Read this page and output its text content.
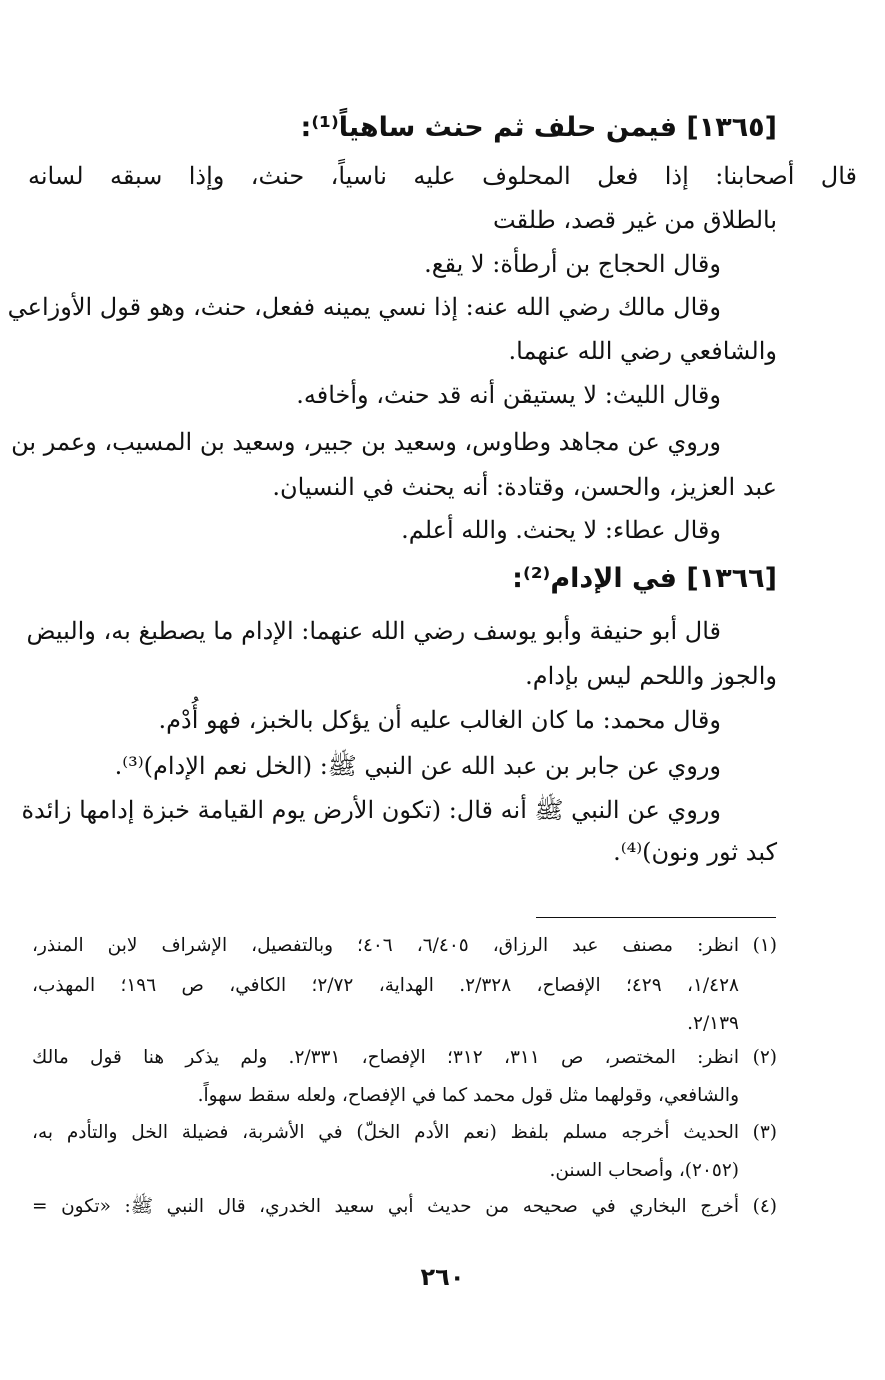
[١٣٦٥] فيمن حلف ثم حنث ساهياً⁽¹⁾:
قال أصحابنا: إذا فعل المحلوف عليه ناسياً، حنث، وإذا سبقه لسانه
بالطلاق من غير قصد، طلقت
وقال الحجاج بن أرطأة: لا يقع.
وقال مالك رضي الله عنه: إذا نسي يمينه ففعل، حنث، وهو قول الأوزاعي
والشافعي رضي الله عنهما.
وقال الليث: لا يستيقن أنه قد حنث، وأخافه.
وروي عن مجاهد وطاوس، وسعيد بن جبير، وسعيد بن المسيب، وعمر بن
عبد العزيز، والحسن، وقتادة: أنه يحنث في النسيان.
وقال عطاء: لا يحنث. والله أعلم.
[١٣٦٦] في الإدام⁽²⁾:
قال أبو حنيفة وأبو يوسف رضي الله عنهما: الإدام ما يصطبغ به، والبيض
والجوز واللحم ليس بإدام.
وقال محمد: ما كان الغالب عليه أن يؤكل بالخبز، فهو أُدْم.
وروي عن جابر بن عبد الله عن النبي ﷺ: (الخل نعم الإدام)⁽³⁾.
وروي عن النبي ﷺ أنه قال: (تكون الأرض يوم القيامة خبزة إدامها زائدة
كبد ثور ونون)⁽⁴⁾.
(١)
انظر: مصنف عبد الرزاق، ٦/٤٠٥، ٤٠٦؛ وبالتفصيل، الإشراف لابن المنذر،
١/٤٢٨، ٤٢٩؛ الإفصاح، ٢/٣٢٨. الهداية، ٢/٧٢؛ الكافي، ص ١٩٦؛ المهذب،
٢/١٣٩.
(٢)
انظر: المختصر، ص ٣١١، ٣١٢؛ الإفصاح، ٢/٣٣١. ولم يذكر هنا قول مالك
والشافعي، وقولهما مثل قول محمد كما في الإفصاح، ولعله سقط سهواً.
(٣)
الحديث أخرجه مسلم بلفظ (نعم الأدم الخلّ) في الأشربة، فضيلة الخل والتأدم به،
(٢٠٥٢)، وأصحاب السنن.
(٤)
أخرج البخاري في صحيحه من حديث أبي سعيد الخدري، قال النبي ﷺ: «تكون =
٢٦٠
